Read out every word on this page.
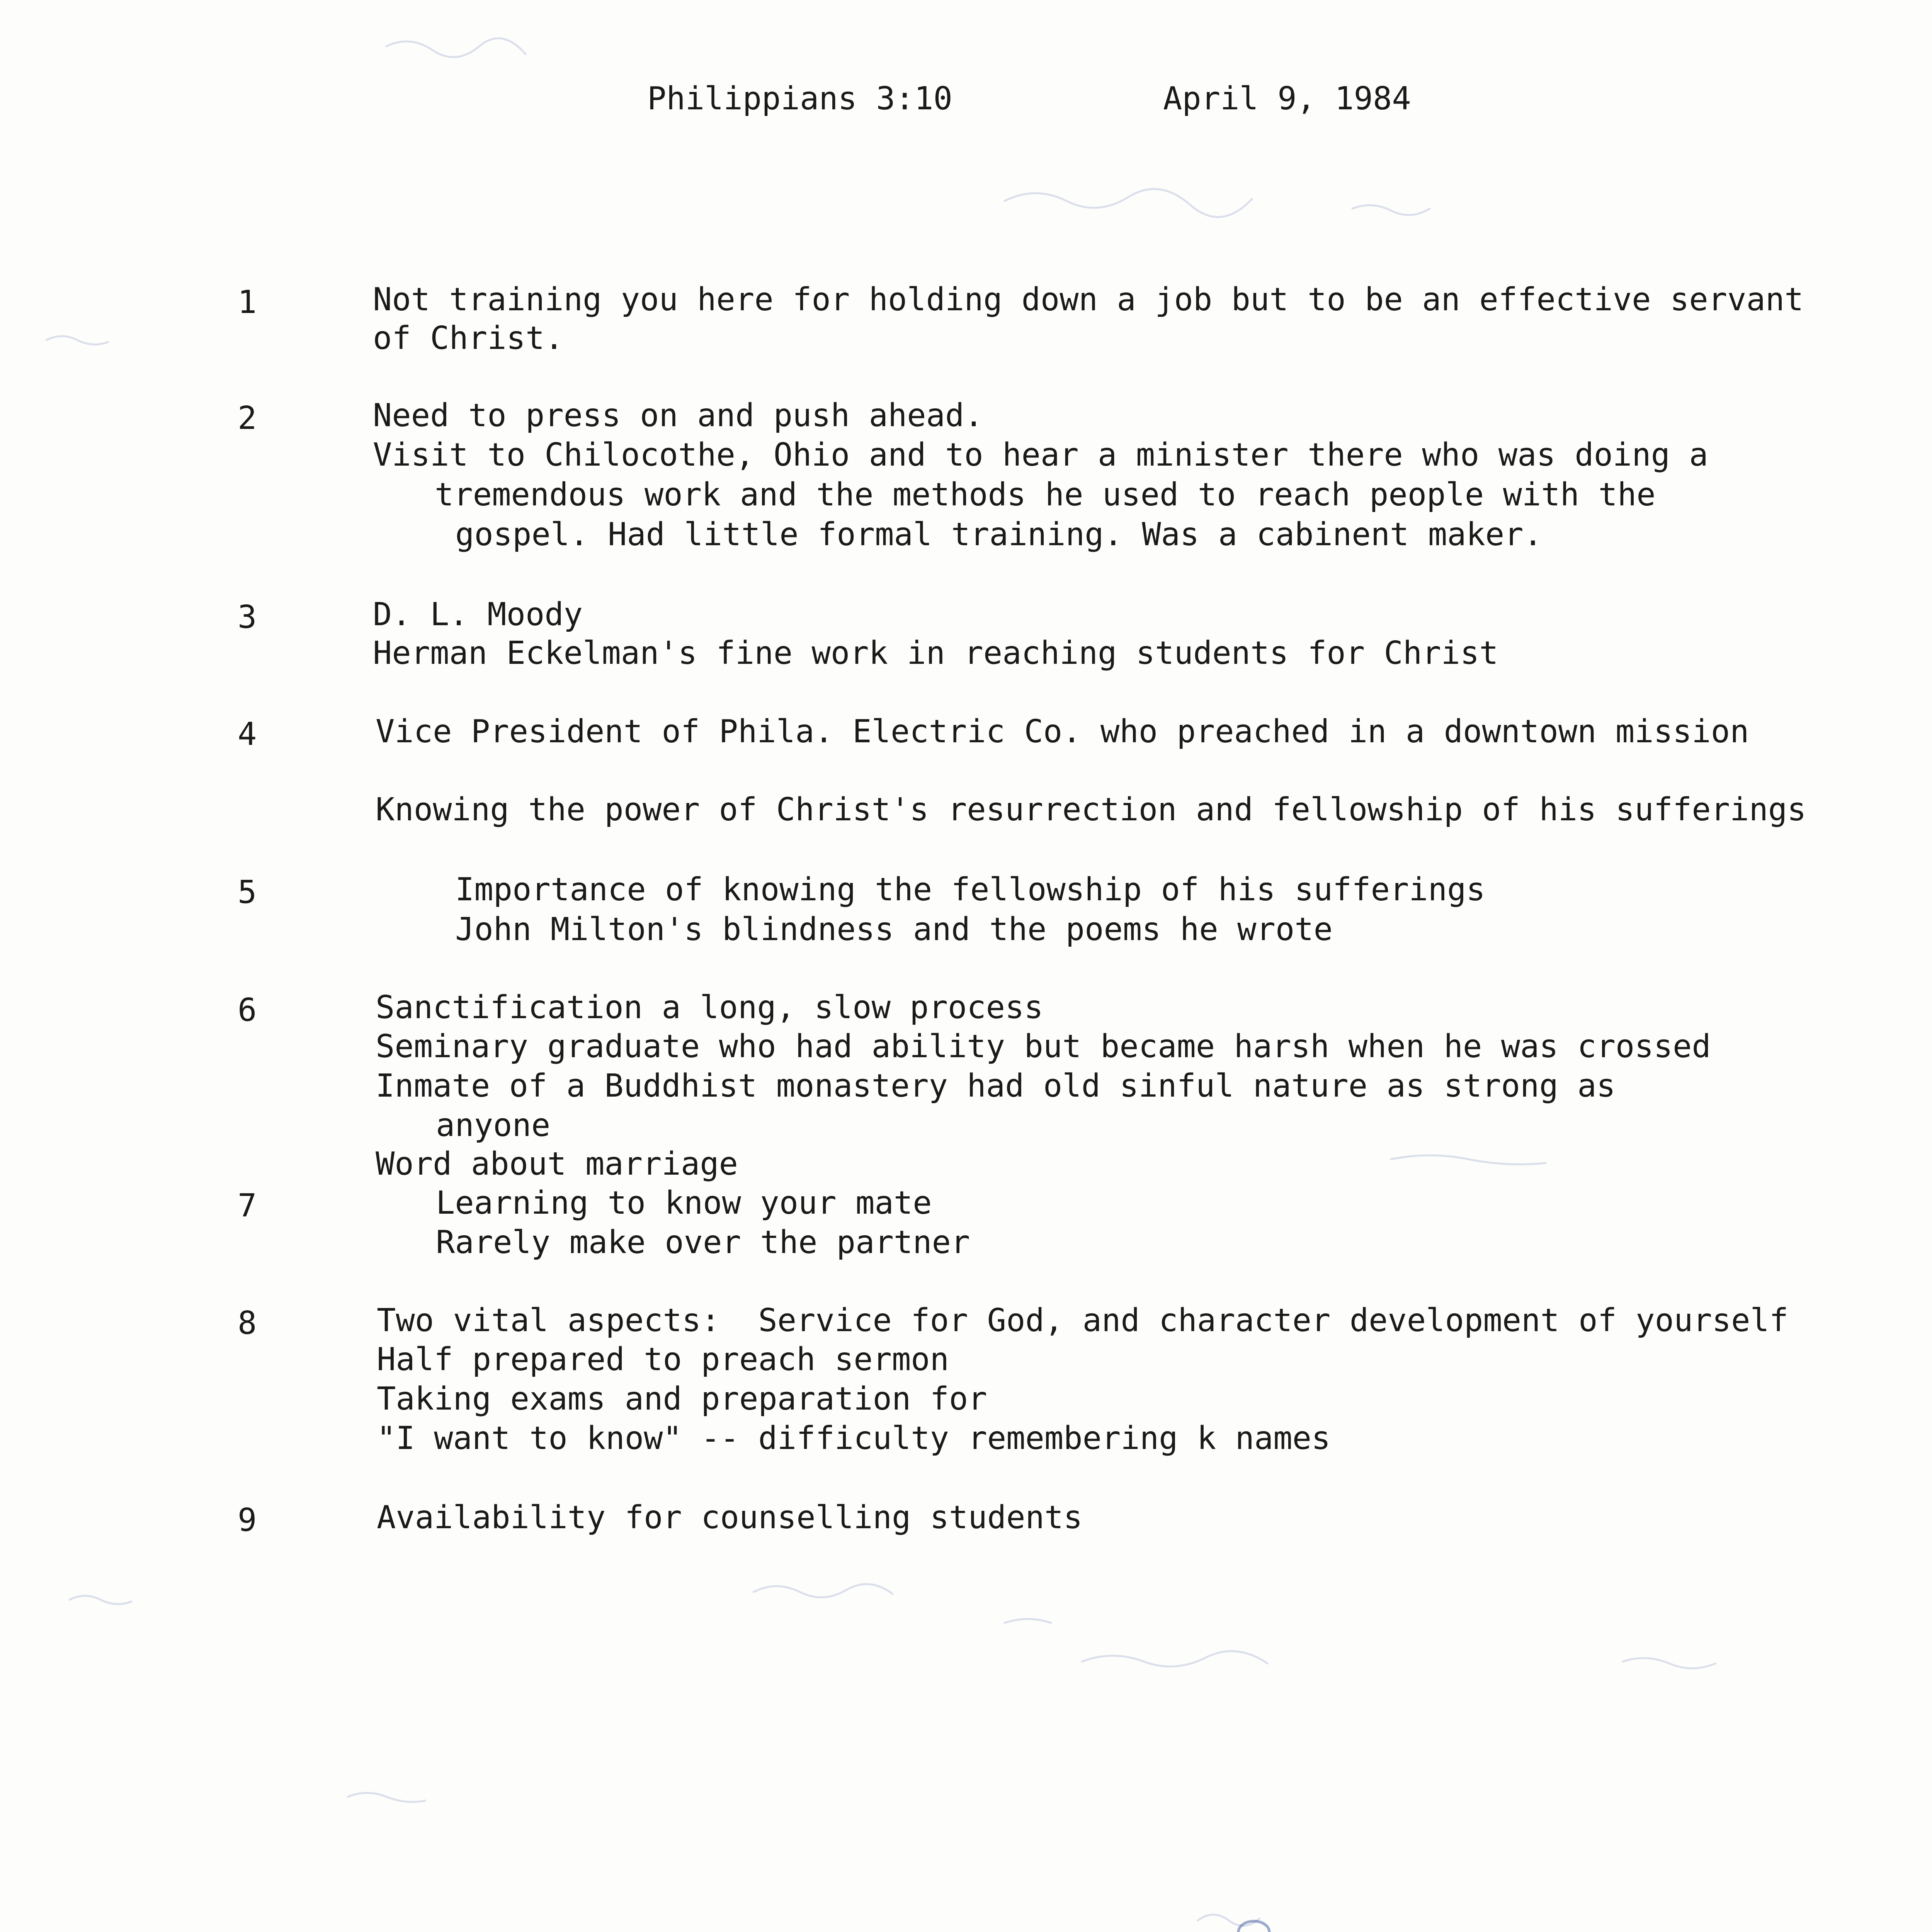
Philippians 3:10	April 9, 1984
1	Not training you here for holding down a job but to be an effective servant
of Christ.
2	Need to press on and push ahead.
Visit to Chilocothe, Ohio and to hear a minister there who was doing a
tremendous work and the methods he used to reach people with the
gospel. Had little formal training. Was a cabinent maker.
3	D. L. Moody
Herman Eckelman's fine work in reaching students for Christ
4	Vice President of Phila. Electric Co. who preached in a downtown mission
Knowing the power of Christ's resurrection and fellowship of his sufferings
5	Importance of knowing the fellowship of his sufferings
John Milton's blindness and the poems he wrote
6	Sanctification a long, slow process
Seminary graduate who had ability but became harsh when he was crossed
Inmate of a Buddhist monastery had old sinful nature as strong as
anyone
Word about marriage
7	Learning to know your mate
Rarely make over the partner
8	Two vital aspects:  Service for God, and character development of yourself
Half prepared to preach sermon
Taking exams and preparation for
"I want to know" -- difficulty remembering k names
9	Availability for counselling students
